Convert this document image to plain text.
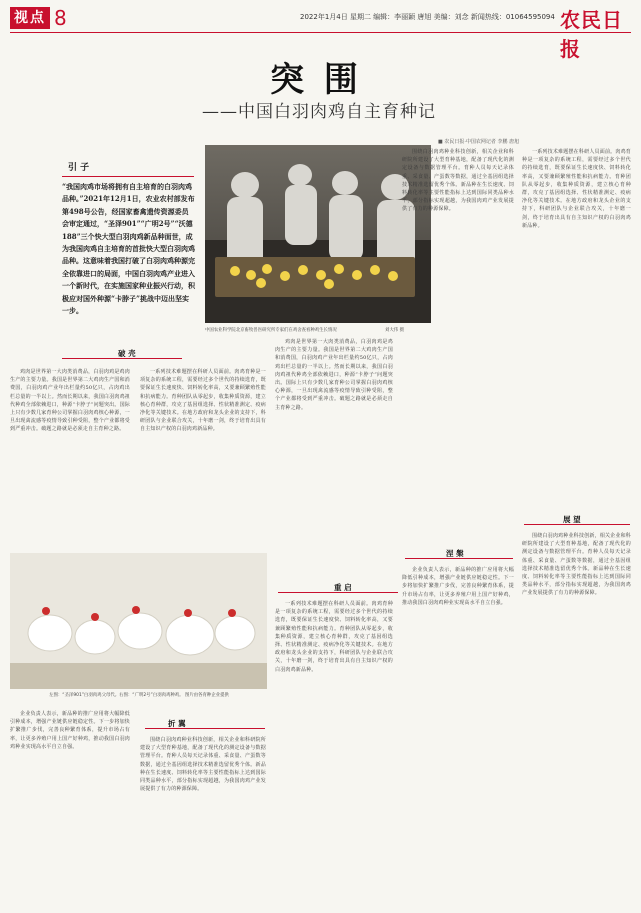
视点 8	2022年1月4日 星期二 编辑：李丽颖 唐旭 美编：刘念 新闻热线：01064595094 农民日报
突 围
——中国白羽肉鸡自主育种记
■ 农民日报·中国农网记者 李鹏 唐旭
引 子
“我国肉鸡市场将拥有自主培育的白羽肉鸡品种。”2021年12月1日，农业农村部发布第498号公告，经国家畜禽遗传资源委员会审定通过，“圣泽901”“广明2号”“沃德188”三个快大型白羽肉鸡新品种面世，成为我国肉鸡自主培育的首批快大型白羽肉鸡品种。这意味着我国打破了白羽肉鸡种源完全依靠进口的局面，中国白羽肉鸡产业进入一个新时代，在实施国家种业振兴行动，积极应对国外种源“卡脖子”挑战中迈出坚实一步。
中国农业科学院北京畜牧兽医研究所专家们在鸡舍查看种鸡生长情况	刘大伟 摄
破 壳

鸡肉是世界第一大肉类消费品，白羽肉鸡是鸡肉生产的主要力量。我国是世界第二大鸡肉生产国和消费国，白羽肉鸡产业年出栏量约50亿只，占肉鸡出栏总量的一半以上。然而长期以来，我国白羽肉鸡祖代种鸡全部依赖进口，种源“卡脖子”问题突出。国际上只有少数几家育种公司掌握白羽肉鸡核心种源，一旦出现禽流感等疫情导致引种受阻，整个产业都将受到严重冲击。破题之路就是必须走自主育种之路。

一系列技术难题摆在科研人员面前。肉鸡育种是一项复杂的系统工程，需要经过多个世代的持续选育，既要保证生长速度快、饲料转化率高，又要兼顾繁殖性能和抗病能力。育种团队从零起步，收集种质资源，建立核心育种群，攻克了基因组选择、性状精准测定、疫病净化等关键技术。在地方政府和龙头企业的支持下，科研团队与企业联合攻关，十年磨一剑，终于培育出具有自主知识产权的白羽肉鸡新品种。

左图：“圣泽901”白羽肉鸡父母代。右图：“广明2号”白羽肉鸡种鸡。 图片由各育种企业提供
折 翼

围绕白羽肉鸡种业科技创新，相关企业和科研院所建设了大型育种基地，配备了现代化的测定设备与数据管理平台。育种人员每天记录体重、采食量、产蛋数等数据，通过全基因组选择技术精准选留优秀个体。新品种在生长速度、饲料转化率等主要性能指标上达到国际同类品种水平，部分指标实现超越，为我国肉鸡产业发展提供了有力的种源保障。

企业负责人表示，新品种的推广应用将大幅降低引种成本，增强产业链供应链稳定性。下一步将加快扩繁推广步伐，完善良种繁育体系，提升市场占有率，让更多养殖户用上国产好种鸡，推动我国白羽肉鸡种业实现高水平自立自强。

鸡肉是世界第一大肉类消费品，白羽肉鸡是鸡肉生产的主要力量。我国是世界第二大鸡肉生产国和消费国，白羽肉鸡产业年出栏量约50亿只，占肉鸡出栏总量的一半以上。然而长期以来，我国白羽肉鸡祖代种鸡全部依赖进口，种源“卡脖子”问题突出。国际上只有少数几家育种公司掌握白羽肉鸡核心种源，一旦出现禽流感等疫情导致引种受阻，整个产业都将受到严重冲击。破题之路就是必须走自主育种之路。

重 启

一系列技术难题摆在科研人员面前。肉鸡育种是一项复杂的系统工程，需要经过多个世代的持续选育，既要保证生长速度快、饲料转化率高，又要兼顾繁殖性能和抗病能力。育种团队从零起步，收集种质资源，建立核心育种群，攻克了基因组选择、性状精准测定、疫病净化等关键技术。在地方政府和龙头企业的支持下，科研团队与企业联合攻关，十年磨一剑，终于培育出具有自主知识产权的白羽肉鸡新品种。

围绕白羽肉鸡种业科技创新，相关企业和科研院所建设了大型育种基地，配备了现代化的测定设备与数据管理平台。育种人员每天记录体重、采食量、产蛋数等数据，通过全基因组选择技术精准选留优秀个体。新品种在生长速度、饲料转化率等主要性能指标上达到国际同类品种水平，部分指标实现超越，为我国肉鸡产业发展提供了有力的种源保障。

涅 槃

企业负责人表示，新品种的推广应用将大幅降低引种成本，增强产业链供应链稳定性。下一步将加快扩繁推广步伐，完善良种繁育体系，提升市场占有率，让更多养殖户用上国产好种鸡，推动我国白羽肉鸡种业实现高水平自立自强。

一系列技术难题摆在科研人员面前。肉鸡育种是一项复杂的系统工程，需要经过多个世代的持续选育，既要保证生长速度快、饲料转化率高，又要兼顾繁殖性能和抗病能力。育种团队从零起步，收集种质资源，建立核心育种群，攻克了基因组选择、性状精准测定、疫病净化等关键技术。在地方政府和龙头企业的支持下，科研团队与企业联合攻关，十年磨一剑，终于培育出具有自主知识产权的白羽肉鸡新品种。

展 望

围绕白羽肉鸡种业科技创新，相关企业和科研院所建设了大型育种基地，配备了现代化的测定设备与数据管理平台。育种人员每天记录体重、采食量、产蛋数等数据，通过全基因组选择技术精准选留优秀个体。新品种在生长速度、饲料转化率等主要性能指标上达到国际同类品种水平，部分指标实现超越，为我国肉鸡产业发展提供了有力的种源保障。
